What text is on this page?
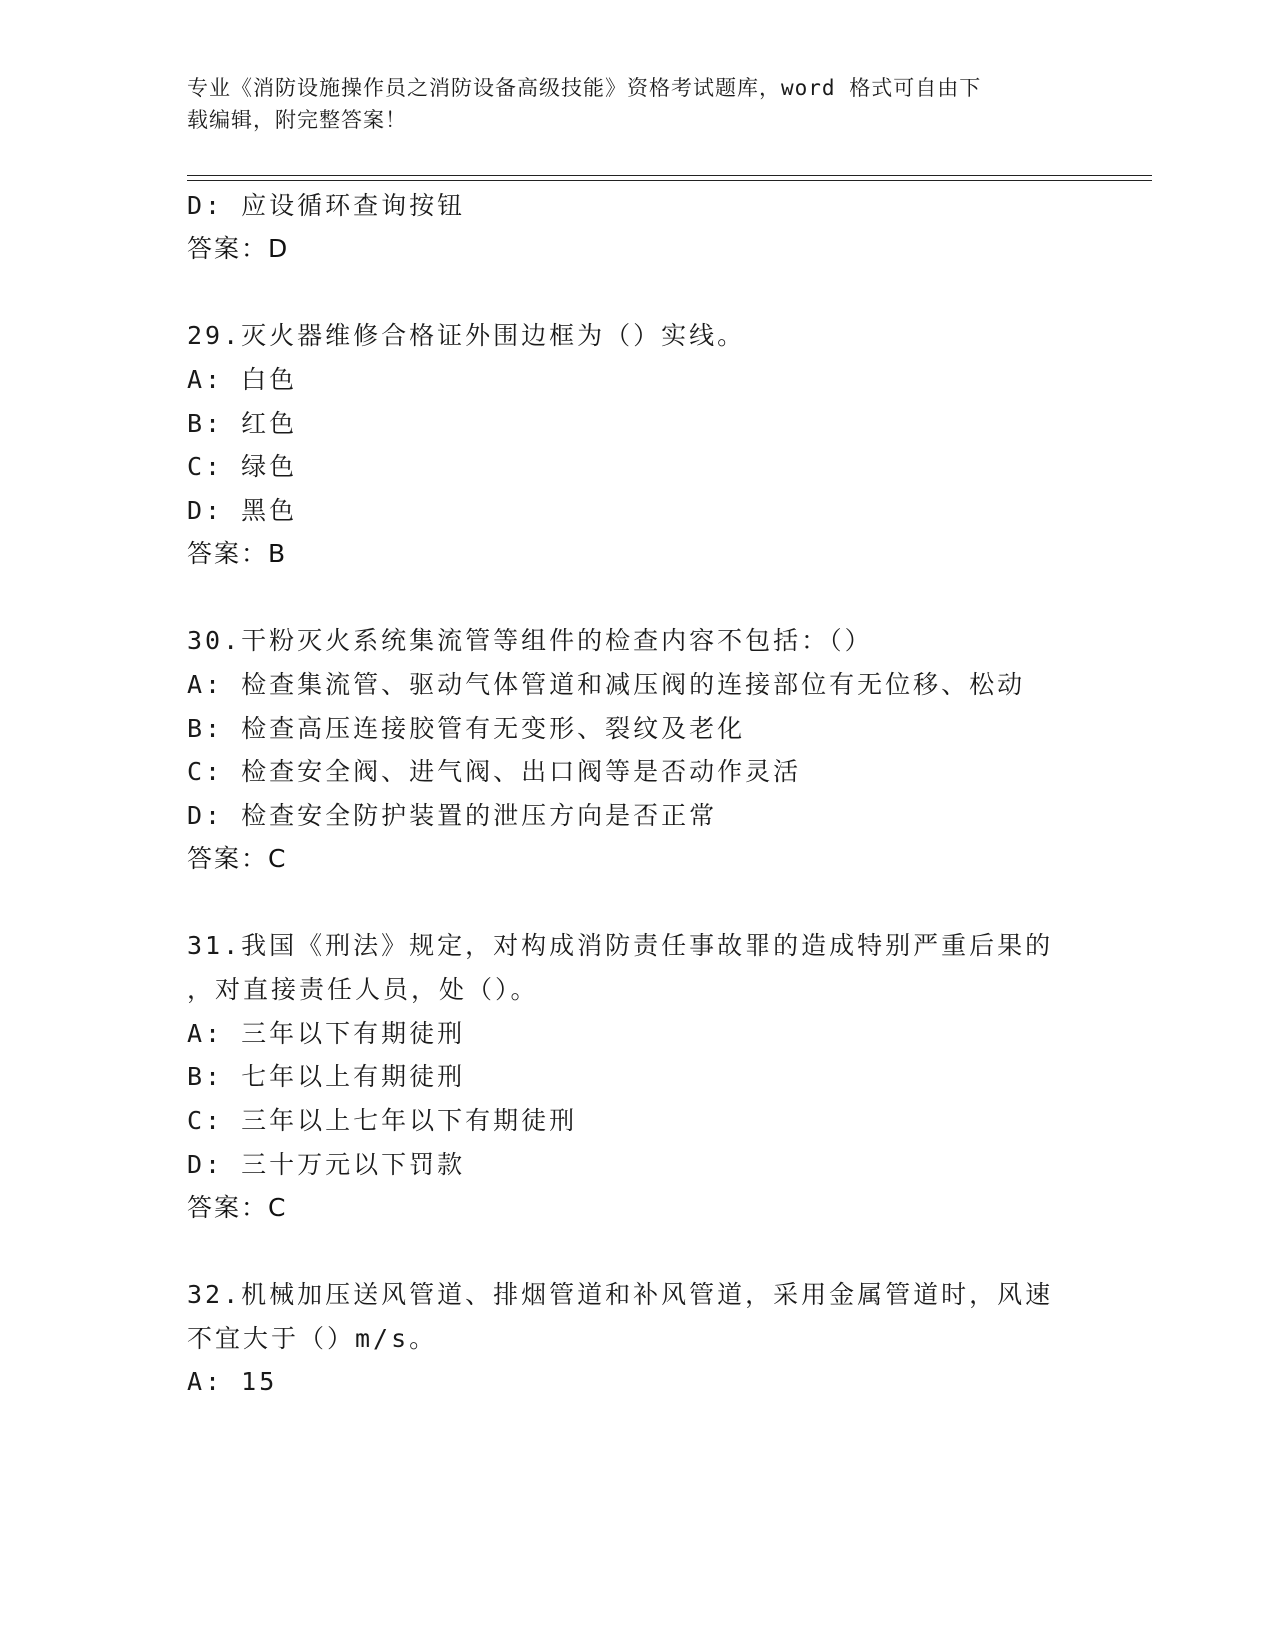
专业《消防设施操作员之消防设备高级技能》资格考试题库，word 格式可自由下
载编辑，附完整答案！
D: 应设循环查询按钮
答案：D
29.灭火器维修合格证外围边框为（）实线。
A: 白色
B: 红色
C: 绿色
D: 黑色
答案：B
30.干粉灭火系统集流管等组件的检查内容不包括：（）
A: 检查集流管、驱动气体管道和减压阀的连接部位有无位移、松动
B: 检查高压连接胶管有无变形、裂纹及老化
C: 检查安全阀、进气阀、出口阀等是否动作灵活
D: 检查安全防护装置的泄压方向是否正常
答案：C
31.我国《刑法》规定，对构成消防责任事故罪的造成特别严重后果的
，对直接责任人员，处（）。
A: 三年以下有期徒刑
B: 七年以上有期徒刑
C: 三年以上七年以下有期徒刑
D: 三十万元以下罚款
答案：C
32.机械加压送风管道、排烟管道和补风管道，采用金属管道时，风速
不宜大于（）m/s。
A: 15
